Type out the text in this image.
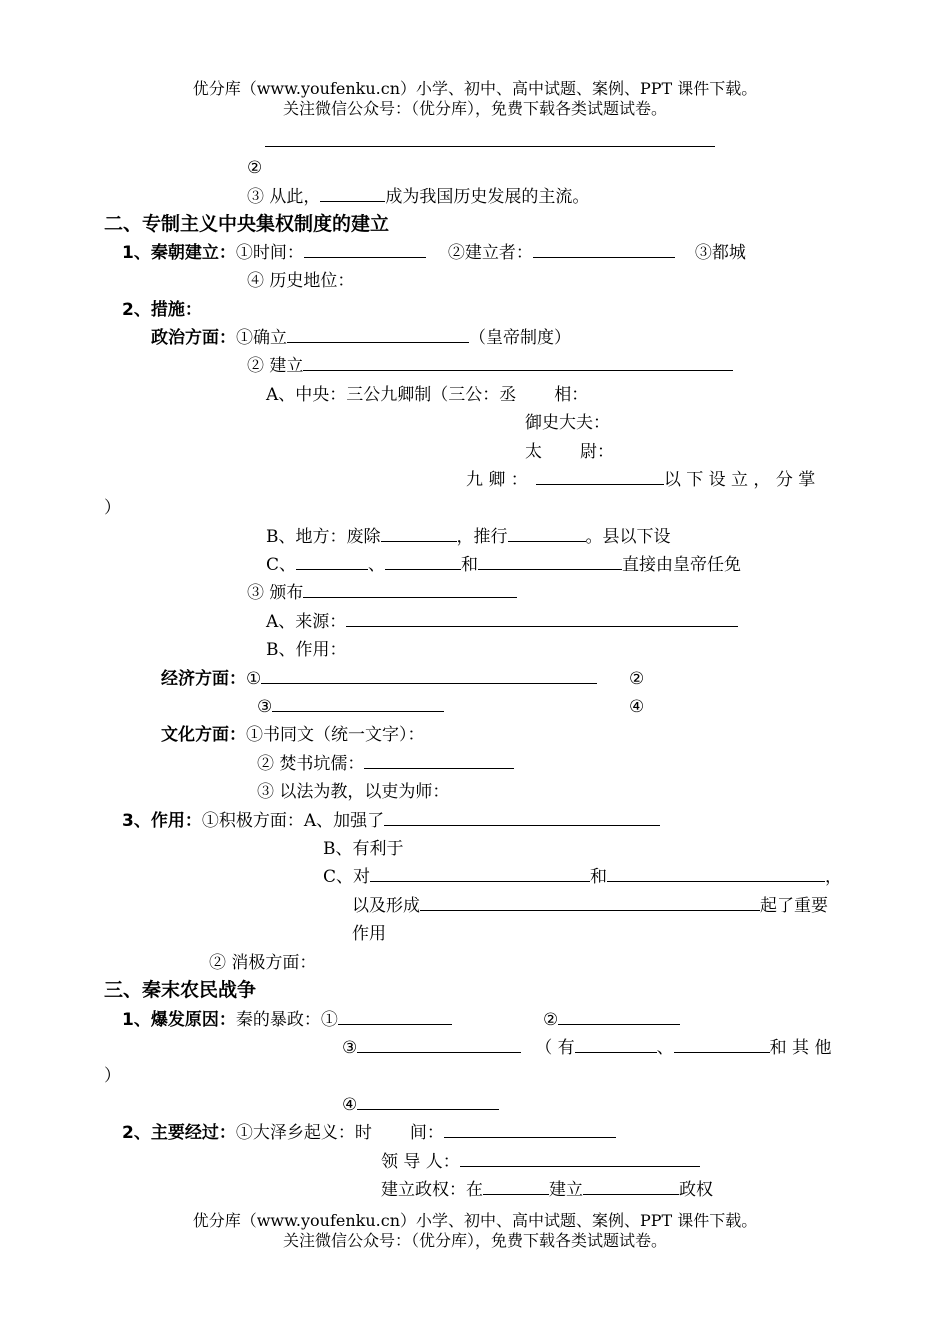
优分库（www.youfenku.cn）小学、初中、高中试题、案例、PPT 课件下载。
关注微信公众号：（优分库），免费下载各类试题试卷。
②
③ 从此，	成为我国历史发展的主流。
二、专制主义中央集权制度的建立
1、秦朝建立：①时间：	②建立者：	③都城
④ 历史地位：
2、措施：
政治方面：①确立	（皇帝制度）
② 建立
A、中央：三公九卿制（三公：丞 相：
御史大夫：
太 尉：
九 卿 ：	以 下 设 立 ， 分 掌
）
B、地方：废除	，推行	。县以下设
C、	、	和	直接由皇帝任免
③ 颁布
A、来源：
B、作用：
经济方面：①	②
③	④
文化方面：①书同文（统一文字）：
② 焚书坑儒：
③ 以法为教，以吏为师：
3、作用：①积极方面：A、加强了
B、有利于
C、对	和	，
以及形成	起了重要
作用
② 消极方面：
三、秦末农民战争
1、爆发原因：秦的暴政：①	②
③	（ 有	、	和 其 他
）
④
2、主要经过：①大泽乡起义：时 间：
领 导 人：
建立政权：在	建立	政权
优分库（www.youfenku.cn）小学、初中、高中试题、案例、PPT 课件下载。
关注微信公众号：（优分库），免费下载各类试题试卷。
